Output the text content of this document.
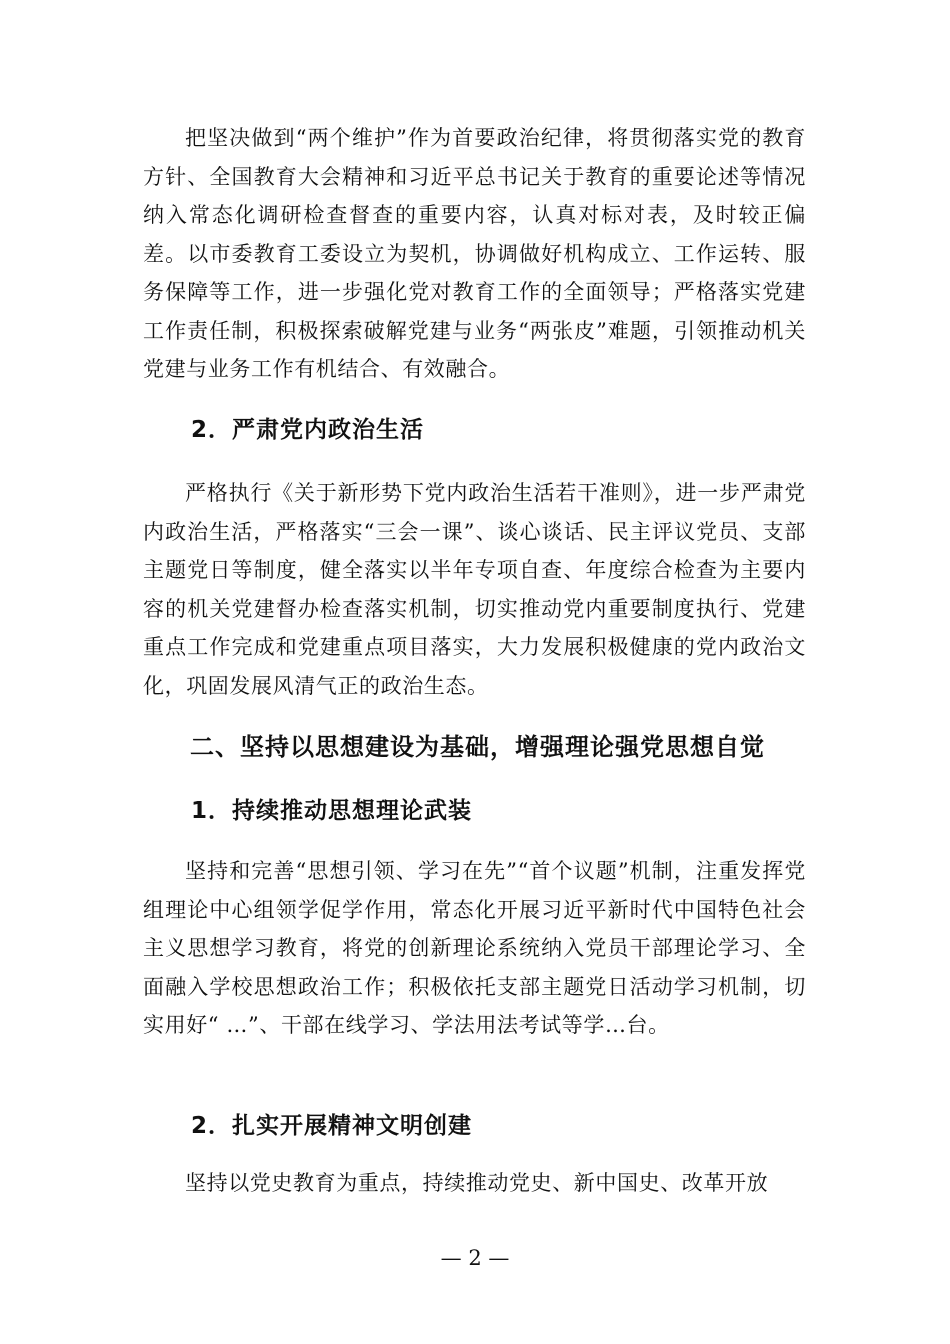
把坚决做到“两个维护”作为首要政治纪律，将贯彻落实党的教育方针、全国教育大会精神和习近平总书记关于教育的重要论述等情况纳入常态化调研检查督查的重要内容，认真对标对表，及时较正偏差。以市委教育工委设立为契机，协调做好机构成立、工作运转、服务保障等工作，进一步强化党对教育工作的全面领导；严格落实党建工作责任制，积极探索破解党建与业务“两张皮”难题，引领推动机关党建与业务工作有机结合、有效融合。

2．严肃党内政治生活

严格执行《关于新形势下党内政治生活若干准则》，进一步严肃党内政治生活，严格落实“三会一课”、谈心谈话、民主评议党员、支部主题党日等制度，健全落实以半年专项自查、年度综合检查为主要内容的机关党建督办检查落实机制，切实推动党内重要制度执行、党建重点工作完成和党建重点项目落实，大力发展积极健康的党内政治文化，巩固发展风清气正的政治生态。

二、坚持以思想建设为基础，增强理论强党思想自觉
1．持续推动思想理论武装

坚持和完善“思想引领、学习在先”“首个议题”机制，注重发挥党组理论中心组领学促学作用，常态化开展习近平新时代中国特色社会主义思想学习教育，将党的创新理论系统纳入党员干部理论学习、全面融入学校思想政治工作；积极依托支部主题党日活动学习机制，切实用好“ …”、干部在线学习、学法用法考试等学…台。

2．扎实开展精神文明创建

坚持以党史教育为重点，持续推动党史、新中国史、改革开放

— 2 —
